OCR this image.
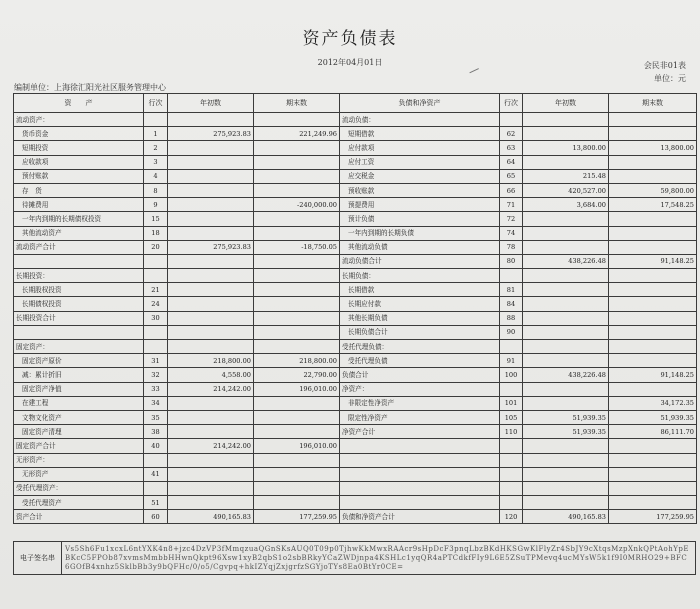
资产负债表
2012年04月01日	会民非01表
单位：元
编制单位：上海徐汇阳光社区服务管理中心
资　　产	行次	年初数	期末数	负债和净资产	行次	年初数	期末数
流动资产：				流动负债：			
货币资金	1	275,923.83	221,249.96	短期借款	62		
短期投资	2			应付款项	63	13,800.00	13,800.00
应收款项	3			应付工资	64		
预付账款	4			应交税金	65	215.48	
存　货	8			预收账款	66	420,527.00	59,800.00
待摊费用	9		-240,000.00	预提费用	71	3,684.00	17,548.25
一年内到期的长期债权投资	15			预计负债	72		
其他流动资产	18			一年内到期的长期负债	74		
流动资产合计	20	275,923.83	-18,750.05	其他流动负债	78		
				流动负债合计	80	438,226.48	91,148.25
长期投资：				长期负债：			
长期股权投资	21			长期借款	81		
长期债权投资	24			长期应付款	84		
长期投资合计	30			其他长期负债	88		
				长期负债合计	90		
固定资产：				受托代理负债：			
固定资产原价	31	218,800.00	218,800.00	受托代理负债	91		
减：累计折旧	32	4,558.00	22,790.00	负债合计	100	438,226.48	91,148.25
固定资产净值	33	214,242.00	196,010.00	净资产：			
在建工程	34			非限定性净资产	101		34,172.35
文物文化资产	35			限定性净资产	105	51,939.35	51,939.35
固定资产清理	38			净资产合计	110	51,939.35	86,111.70
固定资产合计	40	214,242.00	196,010.00				
无形资产：							
无形资产	41						
受托代理资产：							
受托代理资产	51						
资产合计	60	490,165.83	177,259.95	负债和净资产合计	120	490,165.83	177,259.95
电子签名串	Vs5Sh6Fu1xcxL6ntYXK4n8+jzc4DzVP3fMmqzuaQGnSKsAUQ0T09p0TjhwKkMwxRAAcr9sHpDcF3pnqLbzBKdHKSGwKlFlyZr4SbJY9cXtqsMzpXnkQPtAohYpEBKcC5FPOb87xvmsMmbbHHwnQkpt96Xsw1xyB2qbS1o2sbBRkyYCaZWDjnpa4KSHLc1yqQR4aPTCdkfFIy9L6E5ZSuTPMevq4ucMYsW5k1f9I0MRHO29+BFC6GOfB4xnhz5SklbBb3y9bQFHc/0/o5/Cgvpq+hkIZYqjZxjgrfzSGYjoTYs8Ea0BtYr0CE=
